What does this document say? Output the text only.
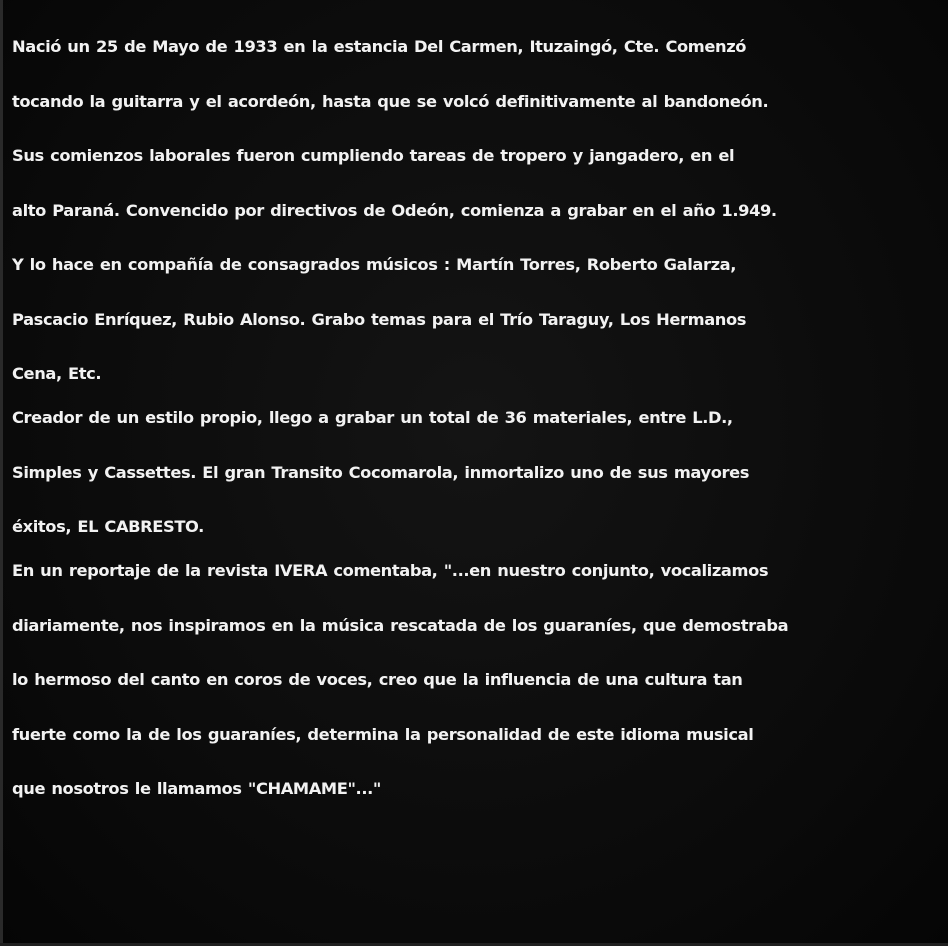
Nació un 25 de Mayo de 1933 en la estancia Del Carmen, Ituzaingó, Cte. Comenzó
tocando la guitarra y el acordeón, hasta que se volcó definitivamente al bandoneón.
Sus comienzos laborales fueron cumpliendo tareas de tropero y jangadero, en el
alto Paraná. Convencido por directivos de Odeón, comienza a grabar en el año 1.949.
Y lo hace en compañía de consagrados músicos : Martín Torres, Roberto Galarza,
Pascacio Enríquez, Rubio Alonso. Grabo temas para el Trío Taraguy, Los Hermanos
Cena, Etc.
Creador de un estilo propio, llego a grabar un total de 36 materiales, entre L.D.,
Simples y Cassettes. El gran Transito Cocomarola, inmortalizo uno de sus mayores
éxitos, EL CABRESTO.
En un reportaje de la revista IVERA comentaba, "...en nuestro conjunto, vocalizamos
diariamente, nos inspiramos en la música rescatada de los guaraníes, que demostraba
lo hermoso del canto en coros de voces, creo que la influencia de una cultura tan
fuerte como la de los guaraníes, determina la personalidad de este idioma musical
que nosotros le llamamos "CHAMAME"..."
